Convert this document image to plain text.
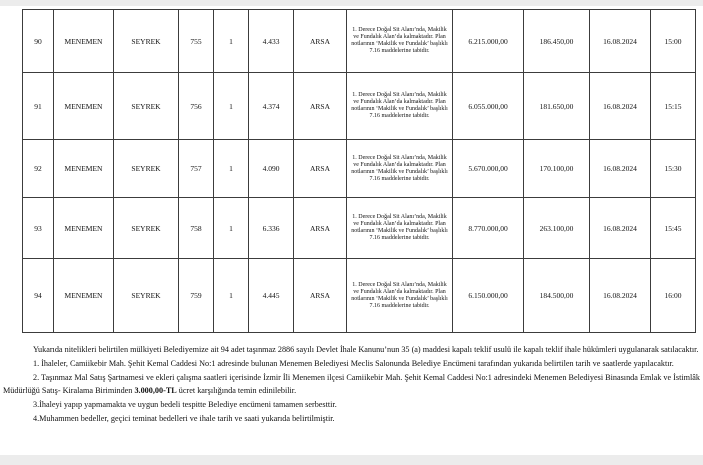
90	MENEMEN	SEYREK	755	1	4.433	ARSA	1. Derece Doğal Sit Alanı’nda, Makilik ve Fundalık Alan’da kalmaktadır. Plan notlarının ‘Makilik ve Fundalık’ başlıklı 7.16 maddelerine tabidir.	6.215.000,00	186.450,00	16.08.2024	15:00
91	MENEMEN	SEYREK	756	1	4.374	ARSA	1. Derece Doğal Sit Alanı’nda, Makilik ve Fundalık Alan’da kalmaktadır. Plan notlarının ‘Makilik ve Fundalık’ başlıklı 7.16 maddelerine tabidir.	6.055.000,00	181.650,00	16.08.2024	15:15
92	MENEMEN	SEYREK	757	1	4.090	ARSA	1. Derece Doğal Sit Alanı’nda, Makilik ve Fundalık Alan’da kalmaktadır. Plan notlarının ‘Makilik ve Fundalık’ başlıklı 7.16 maddelerine tabidir.	5.670.000,00	170.100,00	16.08.2024	15:30
93	MENEMEN	SEYREK	758	1	6.336	ARSA	1. Derece Doğal Sit Alanı’nda, Makilik ve Fundalık Alan’da kalmaktadır. Plan notlarının ‘Makilik ve Fundalık’ başlıklı 7.16 maddelerine tabidir.	8.770.000,00	263.100,00	16.08.2024	15:45
94	MENEMEN	SEYREK	759	1	4.445	ARSA	1. Derece Doğal Sit Alanı’nda, Makilik ve Fundalık Alan’da kalmaktadır. Plan notlarının ‘Makilik ve Fundalık’ başlıklı 7.16 maddelerine tabidir.	6.150.000,00	184.500,00	16.08.2024	16:00

Yukarıda nitelikleri belirtilen mülkiyeti Belediyemize ait 94 adet taşınmaz 2886 sayılı Devlet İhale Kanunu’nun 35 (a) maddesi kapalı teklif usulü ile kapalı teklif ihale hükümleri uygulanarak satılacaktır.

1. İhaleler, Camiikebir Mah. Şehit Kemal Caddesi No:1 adresinde bulunan Menemen Belediyesi Meclis Salonunda Belediye Encümeni tarafından yukarıda belirtilen tarih ve saatlerde yapılacaktır.

2. Taşınmaz Mal Satış Şartnamesi ve ekleri çalışma saatleri içerisinde İzmir İli Menemen ilçesi Camiikebir Mah. Şehit Kemal Caddesi No:1 adresindeki Menemen Belediyesi Binasında Emlak ve İstimlâk Müdürlüğü Satış- Kiralama Biriminden 3.000,00-TL ücret karşılığında temin edinilebilir.

3.İhaleyi yapıp yapmamakta ve uygun bedeli tespitte Belediye encümeni tamamen serbesttir.

4.Muhammen bedeller, geçici teminat bedelleri ve ihale tarih ve saati yukarıda belirtilmiştir.
